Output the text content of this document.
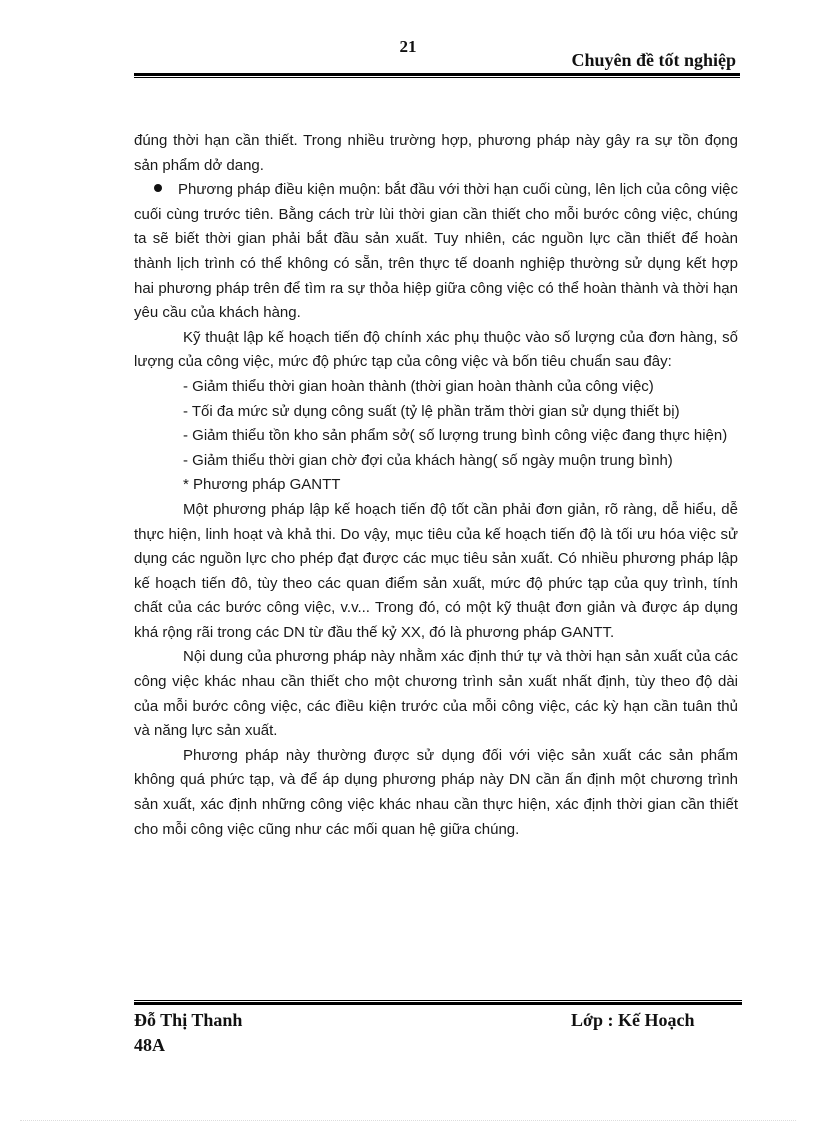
21
Chuyên đề tốt nghiệp

đúng thời hạn cần thiết. Trong nhiều trường hợp, phương pháp này gây ra sự tồn đọng sản phẩm dở dang.

Phương pháp điều kiện muộn: bắt đầu với thời hạn cuối cùng, lên lịch của công việc cuối cùng trước tiên. Bằng cách trừ lùi thời gian cần thiết cho mỗi bước công việc, chúng ta sẽ biết thời gian phải bắt đầu sản xuất. Tuy nhiên, các nguồn lực cần thiết để hoàn thành lịch trình có thể không có sẵn, trên thực tế doanh nghiệp thường sử dụng kết hợp hai phương pháp trên để tìm ra sự thỏa hiệp giữa công việc có thể hoàn thành và thời hạn yêu cầu của khách hàng.

Kỹ thuật lập kế hoạch tiến độ chính xác phụ thuộc vào số lượng của đơn hàng, số lượng của công việc, mức độ phức tạp của công việc và bốn tiêu chuẩn sau đây:

- Giảm thiểu thời gian hoàn thành (thời gian hoàn thành của công việc)

- Tối đa mức sử dụng công suất (tỷ lệ phần trăm thời gian sử dụng thiết bị)

- Giảm thiểu tồn kho sản phẩm sở( số lượng trung bình công việc đang thực hiện)

- Giảm thiểu thời gian chờ đợi của khách hàng( số ngày muộn trung bình)

* Phương pháp GANTT

Một phương pháp lập kế hoạch tiến độ tốt cần phải đơn giản, rõ ràng, dễ hiểu, dễ thực hiện, linh hoạt và khả thi. Do vậy, mục tiêu của kế hoạch tiến độ là tối ưu hóa việc sử dụng các nguồn lực cho phép đạt được các mục tiêu sản xuất. Có nhiều phương pháp lập kế hoạch tiến đô, tùy theo các quan điểm sản xuất, mức độ phức tạp của quy trình, tính chất của các bước công việc, v.v... Trong đó, có một kỹ thuật đơn giản và được áp dụng khá rộng rãi trong các DN từ đầu thế kỷ XX, đó là phương pháp GANTT.

Nội dung của phương pháp này nhằm xác định thứ tự và thời hạn sản xuất của các công việc khác nhau cần thiết cho một chương trình sản xuất nhất định, tùy theo độ dài của mỗi bước công việc, các điều kiện trước của mỗi công việc, các kỳ hạn cần tuân thủ và năng lực sản xuất.

Phương pháp này thường được sử dụng đối với việc sản xuất các sản phẩm không quá phức tạp, và để áp dụng phương pháp này DN cần ấn định một chương trình sản xuất, xác định những công việc khác nhau cần thực hiện, xác định thời gian cần thiết cho mỗi công việc cũng như các mối quan hệ giữa chúng.

Đỗ Thị Thanh
48A
Lớp : Kế Hoạch
